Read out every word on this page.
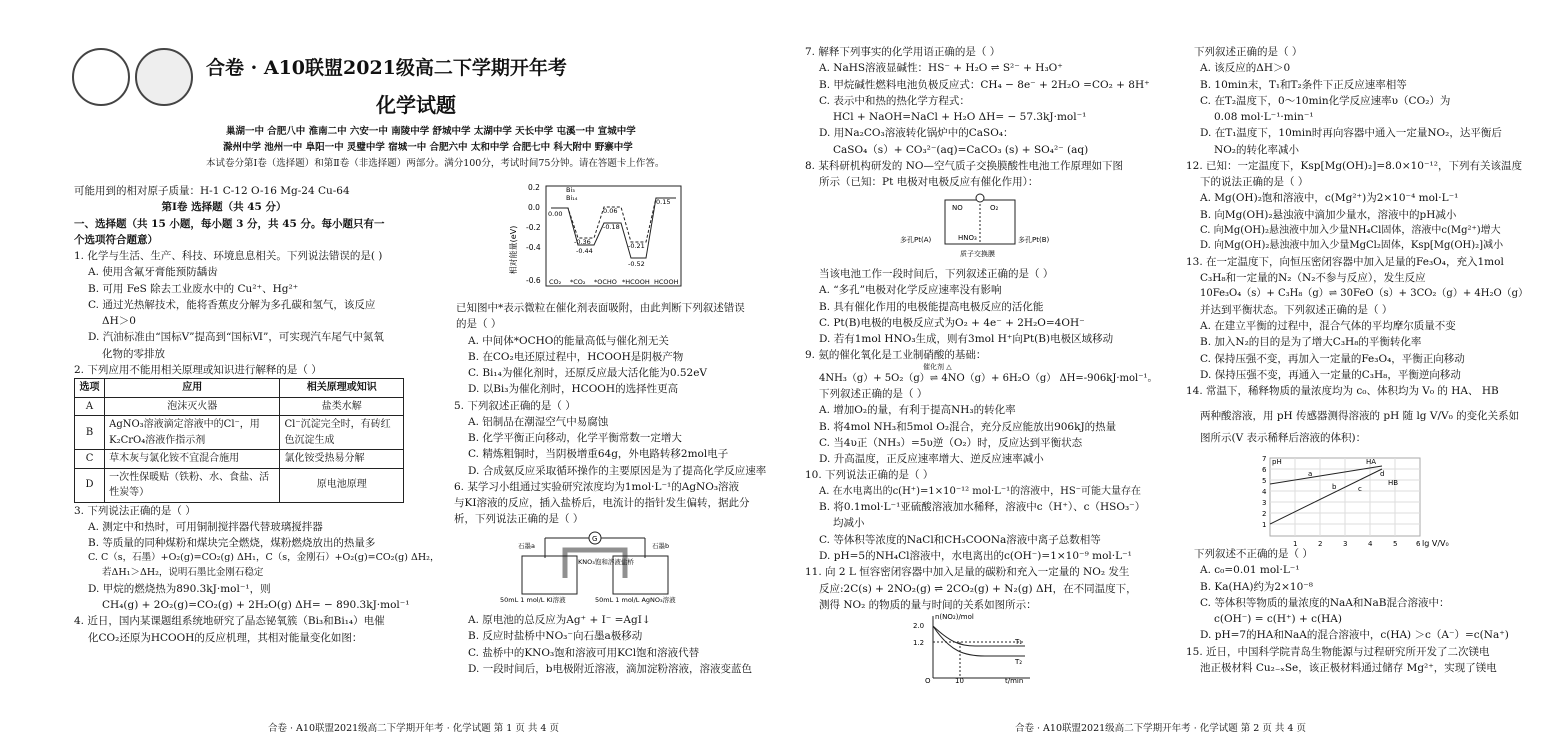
合卷 · A10联盟2021级高二下学期开年考
化学试题
巢湖一中 合肥八中 淮南二中 六安一中 南陵中学 舒城中学 太湖中学 天长中学 屯溪一中 宣城中学
滁州中学 池州一中 阜阳一中 灵璧中学 宿城一中 合肥六中 太和中学 合肥七中 科大附中 野寨中学
本试卷分第Ⅰ卷（选择题）和第Ⅱ卷（非选择题）两部分。满分100分，考试时间75分钟。请在答题卡上作答。

可能用到的相对原子质量：H-1 C-12 O-16 Mg-24 Cu-64

第Ⅰ卷 选择题（共 45 分）

一、选择题（共 15 小题，每小题 3 分，共 45 分。每小题只有一

个选项符合题意）

1. 化学与生活、生产、科技、环境息息相关。下列说法错误的是( )

A. 使用含氟牙膏能预防龋齿

B. 可用 FeS 除去工业废水中的 Cu²⁺、Hg²⁺

C. 通过光热解技术，能将香蕉皮分解为多孔碳和氢气，该反应

ΔH＞0

D. 汽油标准由“国标Ⅴ”提高到“国标Ⅵ”，可实现汽车尾气中氮氧

化物的零排放

2. 下列应用不能用相关原理或知识进行解释的是（ ）

选项	应用	相关原理或知识
A	泡沫灭火器	盐类水解
B	AgNO₃溶液滴定溶液中的Cl⁻，用 K₂CrO₄溶液作指示剂	Cl⁻沉淀完全时，有砖红色沉淀生成
C	草木灰与氯化铵不宜混合施用	氯化铵受热易分解
D	一次性保暖贴（铁粉、水、食盐、活性炭等）	原电池原理

3. 下列说法正确的是（ ）

A. 测定中和热时，可用铜制搅拌器代替玻璃搅拌器

B. 等质量的同种煤粉和煤块完全燃烧，煤粉燃烧放出的热量多

C. C（s，石墨）+O₂(g)=CO₂(g) ΔH₁，C（s，金刚石）+O₂(g)=CO₂(g) ΔH₂，

若ΔH₁＞ΔH₂，说明石墨比金刚石稳定

D. 甲烷的燃烧热为890.3kJ·mol⁻¹，则

CH₄(g) + 2O₂(g)=CO₂(g) + 2H₂O(g) ΔH= − 890.3kJ·mol⁻¹

4. 近日，国内某课题组系统地研究了晶态铋氧簇（Bi₃和Bi₁₄）电催

化CO₂还原为HCOOH的反应机理，其相对能量变化如图：

相对能量(eV)
0.2
0.0
-0.2
-0.4
-0.6
Bi₃
Bi₁₄
0.00	0.06
0.15
-0.18
-0.21
-0.36
-0.44
-0.52
CO₂ *CO₂ *OCHO *HCOOH HCOOH

已知图中*表示微粒在催化剂表面吸附，由此判断下列叙述错误

的是（ ）

A. 中间体*OCHO的能量高低与催化剂无关

B. 在CO₂电还原过程中，HCOOH是阴极产物

C. Bi₁₄为催化剂时，还原反应最大活化能为0.52eV

D. 以Bi₃为催化剂时，HCOOH的选择性更高

5. 下列叙述正确的是（ ）

A. 铝制品在潮湿空气中易腐蚀

B. 化学平衡正向移动，化学平衡常数一定增大

C. 精炼粗铜时，当阴极增重64g，外电路转移2mol电子

D. 合成氨反应采取循环操作的主要原因是为了提高化学反应速率

6. 某学习小组通过实验研究浓度均为1mol·L⁻¹的AgNO₃溶液

与KI溶液的反应，插入盐桥后，电流计的指针发生偏转，据此分

析，下列说法正确的是（ ）

G
石墨a	石墨b
KNO₃饱和溶液盐桥
50mL 1 mol/L KI溶液	50mL 1 mol/L AgNO₃溶液

A. 原电池的总反应为Ag⁺ + I⁻ =AgI↓

B. 反应时盐桥中NO₃⁻向石墨a极移动

C. 盐桥中的KNO₃饱和溶液可用KCl饱和溶液代替

D. 一段时间后，b电极附近溶液，滴加淀粉溶液，溶液变蓝色

合卷 · A10联盟2021级高二下学期开年考 · 化学试题 第 1 页 共 4 页

7. 解释下列事实的化学用语正确的是（ ）

A. NaHS溶液显碱性：HS⁻ + H₂O ⇌ S²⁻ + H₃O⁺

B. 甲烷碱性燃料电池负极反应式：CH₄ − 8e⁻ + 2H₂O =CO₂ + 8H⁺

C. 表示中和热的热化学方程式：

HCl + NaOH=NaCl + H₂O ΔH= − 57.3kJ·mol⁻¹

D. 用Na₂CO₃溶液转化锅炉中的CaSO₄：

CaSO₄（s）+ CO₃²⁻(aq)=CaCO₃ (s) + SO₄²⁻ (aq)

8. 某科研机构研发的 NO—空气质子交换膜酸性电池工作原理如下图

所示（已知：Pt 电极对电极反应有催化作用）：

NO	O₂
HNO₃
多孔Pt(A)	多孔Pt(B)
质子交换膜

当该电池工作一段时间后，下列叙述正确的是（ ）

A. “多孔”电极对化学反应速率没有影响

B. 具有催化作用的电极能提高电极反应的活化能

C. Pt(B)电极的电极反应式为O₂ + 4e⁻ + 2H₂O=4OH⁻

D. 若有1mol HNO₃生成，则有3mol H⁺向Pt(B)电极区域移动

9. 氨的催化氧化是工业制硝酸的基础：

催化剂 △

4NH₃（g）+ 5O₂（g）⇌ 4NO（g）+ 6H₂O（g） ΔH=-906kJ·mol⁻¹。

下列叙述正确的是（ ）

A. 增加O₂的量，有利于提高NH₃的转化率

B. 将4mol NH₃和5mol O₂混合，充分反应能放出906kJ的热量

C. 当4υ正（NH₃）=5υ逆（O₂）时，反应达到平衡状态

D. 升高温度，正反应速率增大、逆反应速率减小

10. 下列说法正确的是（ ）

A. 在水电离出的c(H⁺)=1×10⁻¹² mol·L⁻¹的溶液中，HS⁻可能大量存在

B. 将0.1mol·L⁻¹亚硫酸溶液加水稀释，溶液中c（H⁺）、c（HSO₃⁻）

均减小

C. 等体积等浓度的NaCl和CH₃COONa溶液中离子总数相等

D. pH=5的NH₄Cl溶液中，水电离出的c(OH⁻)=1×10⁻⁹ mol·L⁻¹

11. 向 2 L 恒容密闭容器中加入足量的碳粉和充入一定量的 NO₂ 发生

反应:2C(s) + 2NO₂(g) ⇌ 2CO₂(g) + N₂(g) ΔH，在不同温度下，

测得 NO₂ 的物质的量与时间的关系如图所示：

n(NO₂)/mol
2.0
1.2
O	10	t/min
T₁
T₂
合卷 · A10联盟2021级高二下学期开年考 · 化学试题 第 2 页 共 4 页

下列叙述正确的是（ ）

A. 该反应的ΔH＞0

B. 10min末，T₁和T₂条件下正反应速率相等

C. 在T₂温度下，0～10min化学反应速率υ（CO₂）为

0.08 mol·L⁻¹·min⁻¹

D. 在T₁温度下，10min时再向容器中通入一定量NO₂，达平衡后

NO₂的转化率减小

12. 已知：一定温度下，Ksp[Mg(OH)₂]=8.0×10⁻¹²，下列有关该温度

下的说法正确的是（ ）

A. Mg(OH)₂饱和溶液中，c(Mg²⁺)为2×10⁻⁴ mol·L⁻¹

B. 向Mg(OH)₂悬浊液中滴加少量水，溶液中的pH减小

C. 向Mg(OH)₂悬浊液中加入少量NH₄Cl固体，溶液中c(Mg²⁺)增大

D. 向Mg(OH)₂悬浊液中加入少量MgCl₂固体，Ksp[Mg(OH)₂]减小

13. 在一定温度下，向恒压密闭容器中加入足量的Fe₃O₄，充入1mol

C₃H₈和一定量的N₂（N₂不参与反应），发生反应

10Fe₃O₄（s）+ C₃H₈（g）⇌ 30FeO（s）+ 3CO₂（g）+ 4H₂O（g）

并达到平衡状态。下列叙述正确的是（ ）

A. 在建立平衡的过程中，混合气体的平均摩尔质量不变

B. 加入N₂的目的是为了增大C₃H₈的平衡转化率

C. 保持压强不变，再加入一定量的Fe₃O₄，平衡正向移动

D. 保持压强不变，再通入一定量的C₃H₈，平衡逆向移动

14. 常温下，稀释物质的量浓度均为 c₀、体积均为 V₀ 的 HA、 HB

两种酸溶液，用 pH 传感器测得溶液的 pH 随 lg V/V₀ 的变化关系如

图所示(V 表示稀释后溶液的体积)：

pH
7
6
5
4
3
2
1
1	2	3	4	5	6
HA
HB
a
b	c
d
lg V/V₀

下列叙述不正确的是（ ）

A. c₀=0.01 mol·L⁻¹

B. Ka(HA)约为2×10⁻⁸

C. 等体积等物质的量浓度的NaA和NaB混合溶液中：

c(OH⁻) = c(H⁺) + c(HA)

D. pH=7的HA和NaA的混合溶液中，c(HA) ＞c（A⁻）=c(Na⁺)

15. 近日，中国科学院青岛生物能源与过程研究所开发了二次镁电

池正极材料 Cu₂₋ₓSe，该正极材料通过储存 Mg²⁺，实现了镁电
